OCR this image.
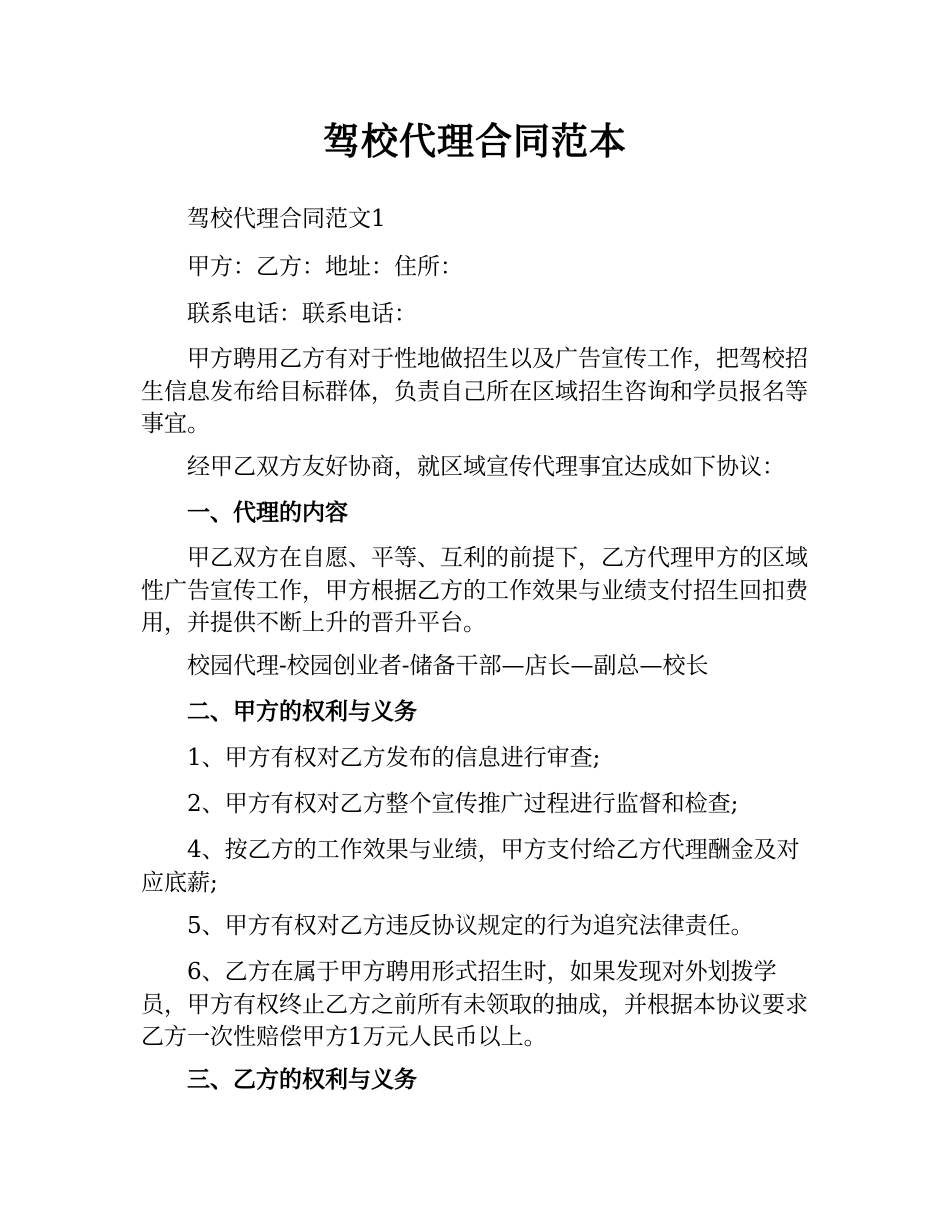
驾校代理合同范本

驾校代理合同范文1

甲方：乙方：地址：住所：

联系电话：联系电话：

甲方聘用乙方有对于性地做招生以及广告宣传工作，把驾校招生信息发布给目标群体，负责自己所在区域招生咨询和学员报名等事宜。

经甲乙双方友好协商，就区域宣传代理事宜达成如下协议：

一、代理的内容

甲乙双方在自愿、平等、互利的前提下，乙方代理甲方的区域性广告宣传工作，甲方根据乙方的工作效果与业绩支付招生回扣费用，并提供不断上升的晋升平台。

校园代理-校园创业者-储备干部—店长—副总—校长

二、甲方的权利与义务

1、甲方有权对乙方发布的信息进行审查;

2、甲方有权对乙方整个宣传推广过程进行监督和检查;

4、按乙方的工作效果与业绩，甲方支付给乙方代理酬金及对应底薪;

5、甲方有权对乙方违反协议规定的行为追究法律责任。

6、乙方在属于甲方聘用形式招生时，如果发现对外划拨学员，甲方有权终止乙方之前所有未领取的抽成，并根据本协议要求乙方一次性赔偿甲方1万元人民币以上。

三、乙方的权利与义务
